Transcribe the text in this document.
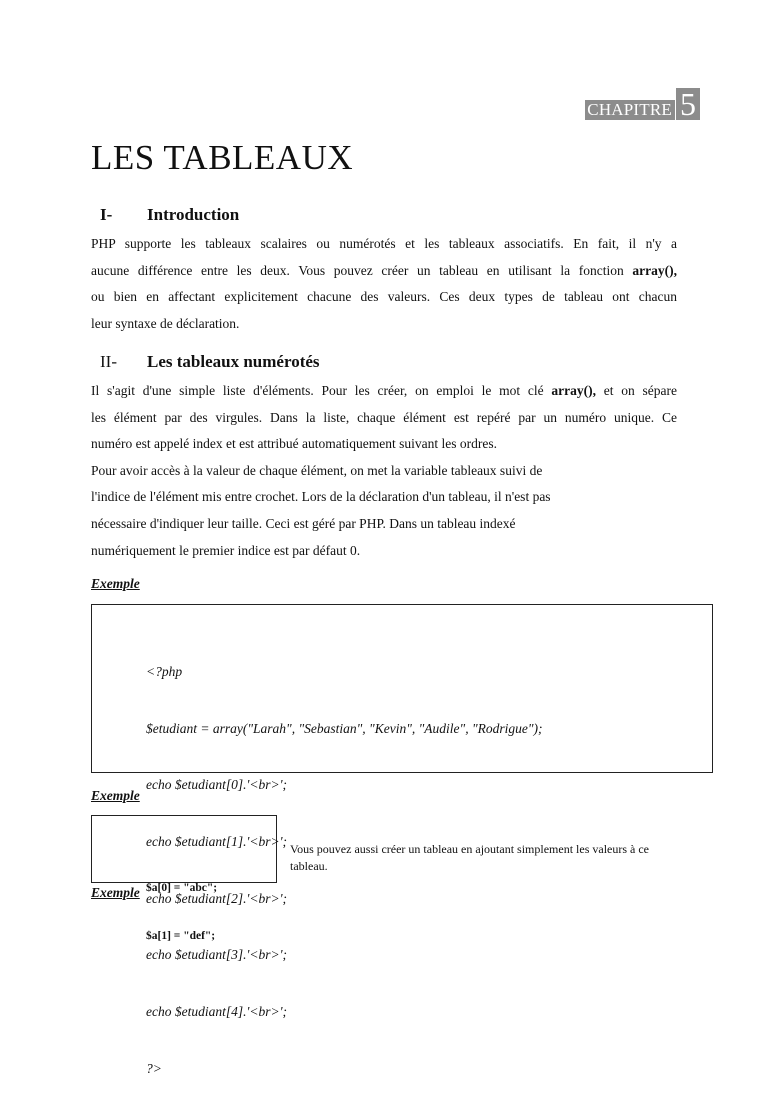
CHAPITRE 5
LES TABLEAUX
I-	Introduction
PHP supporte les tableaux scalaires ou numérotés et les tableaux associatifs. En fait, il n'y a
aucune différence entre les deux. Vous pouvez créer un tableau en utilisant la fonction array(),
ou bien en affectant explicitement chacune des valeurs. Ces deux types de tableau ont chacun
leur syntaxe de déclaration.
II-	Les tableaux numérotés
Il s'agit d'une simple liste d'éléments. Pour les créer, on emploi le mot clé array(), et on sépare
les élément par des virgules. Dans la liste, chaque élément est repéré par un numéro unique. Ce
numéro est appelé index et est attribué automatiquement suivant les ordres.
Pour avoir accès à la valeur de chaque élément, on met la variable tableaux suivi de
l'indice de l'élément mis entre crochet. Lors de la déclaration d'un tableau, il n'est pas
nécessaire d'indiquer leur taille. Ceci est géré par PHP. Dans un tableau indexé
numériquement le premier indice est par défaut 0.
Exemple

<?php

$etudiant = array("Larah", "Sebastian", "Kevin", "Audile", "Rodrigue");

echo $etudiant[0].'<br>';

echo $etudiant[1].'<br>';

echo $etudiant[2].'<br>';

echo $etudiant[3].'<br>';

echo $etudiant[4].'<br>';

?>

Exemple

$a[0] = "abc";

$a[1] = "def";

Vous pouvez aussi créer un tableau en ajoutant simplement les valeurs à ce tableau.
Exemple
